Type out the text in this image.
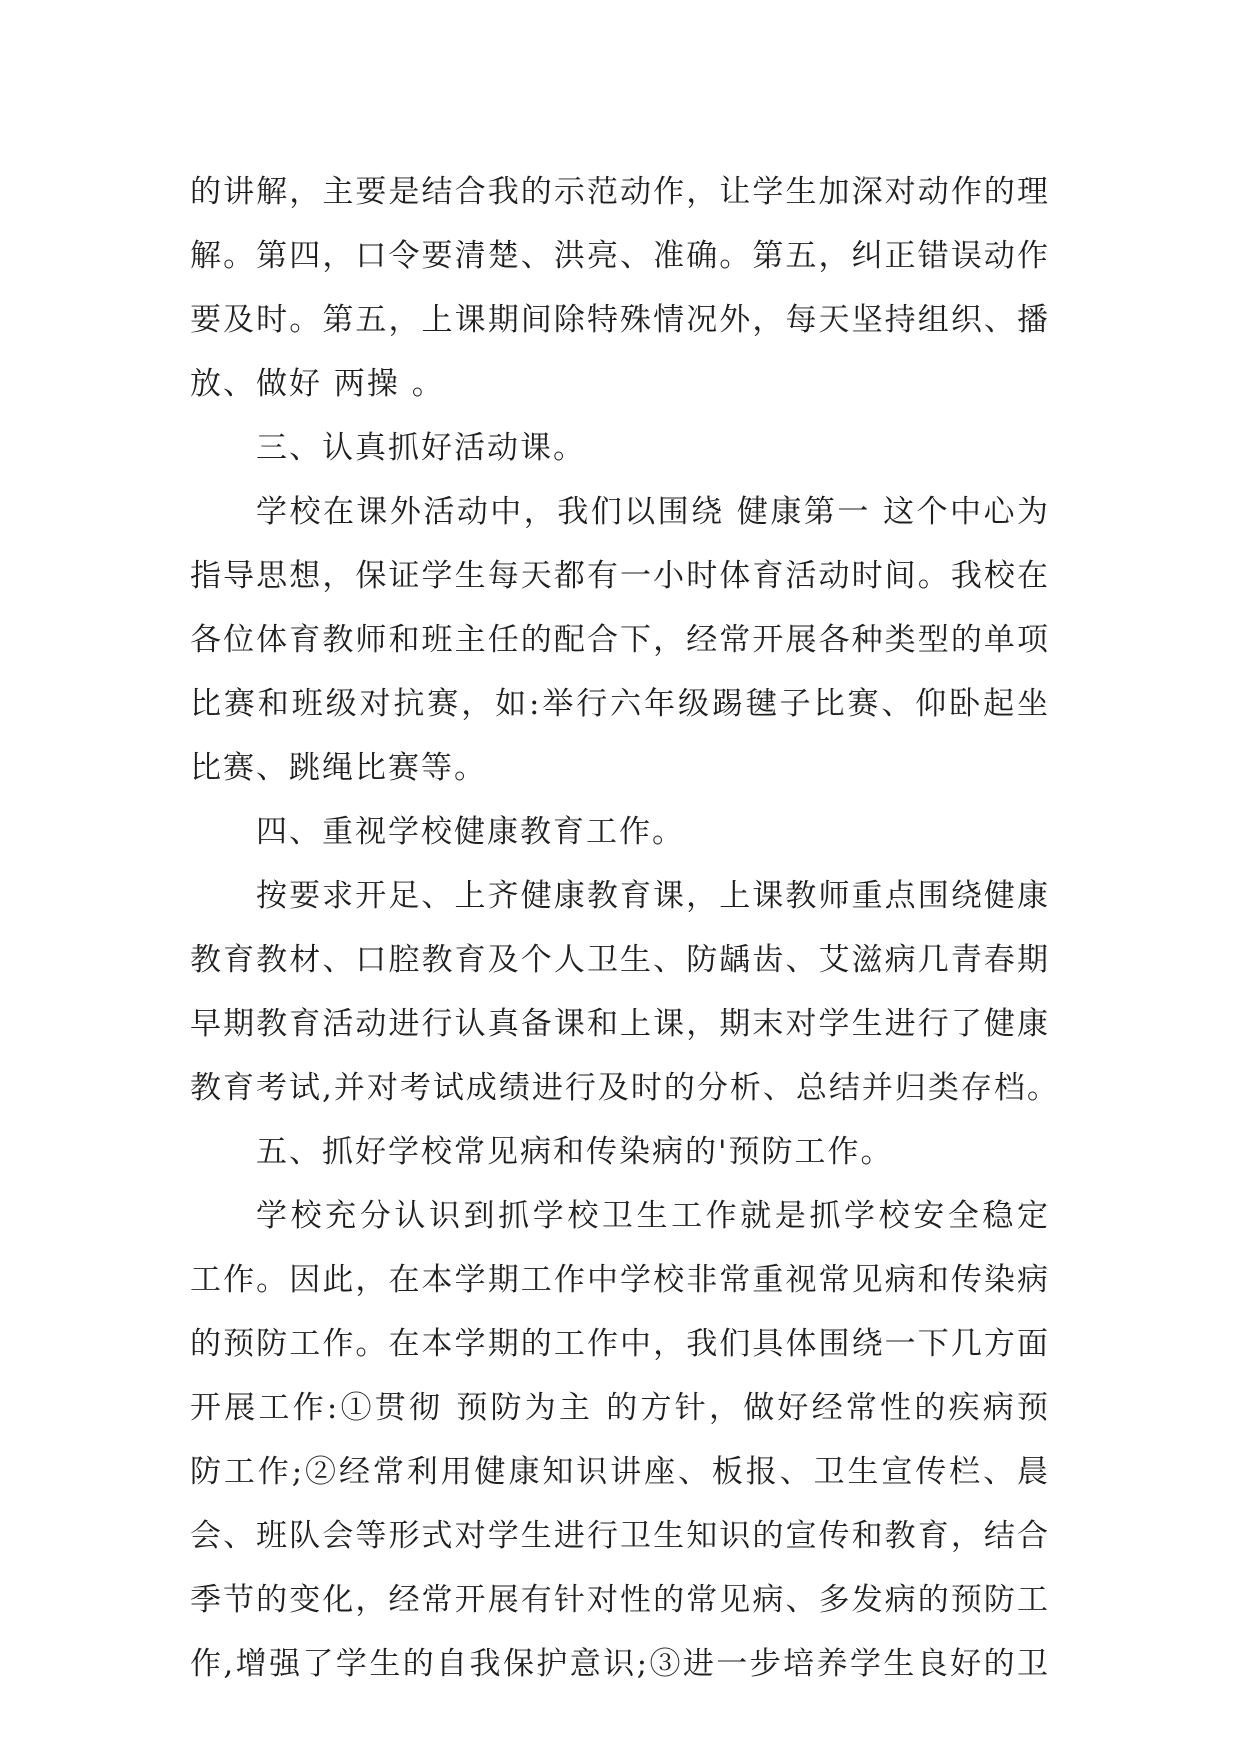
的讲解，主要是结合我的示范动作，让学生加深对动作的理
解。第四，口令要清楚、洪亮、准确。第五，纠正错误动作
要及时。第五，上课期间除特殊情况外，每天坚持组织、播
放、做好 两操 。
三、认真抓好活动课。
学校在课外活动中，我们以围绕 健康第一 这个中心为
指导思想，保证学生每天都有一小时体育活动时间。我校在
各位体育教师和班主任的配合下，经常开展各种类型的单项
比赛和班级对抗赛，如:举行六年级踢毽子比赛、仰卧起坐
比赛、跳绳比赛等。
四、重视学校健康教育工作。
按要求开足、上齐健康教育课，上课教师重点围绕健康
教育教材、口腔教育及个人卫生、防龋齿、艾滋病几青春期
早期教育活动进行认真备课和上课，期末对学生进行了健康
教育考试,并对考试成绩进行及时的分析、总结并归类存档。
五、抓好学校常见病和传染病的'预防工作。
学校充分认识到抓学校卫生工作就是抓学校安全稳定
工作。因此，在本学期工作中学校非常重视常见病和传染病
的预防工作。在本学期的工作中，我们具体围绕一下几方面
开展工作:①贯彻 预防为主 的方针，做好经常性的疾病预
防工作;②经常利用健康知识讲座、板报、卫生宣传栏、晨
会、班队会等形式对学生进行卫生知识的宣传和教育，结合
季节的变化，经常开展有针对性的常见病、多发病的预防工
作,增强了学生的自我保护意识;③进一步培养学生良好的卫
